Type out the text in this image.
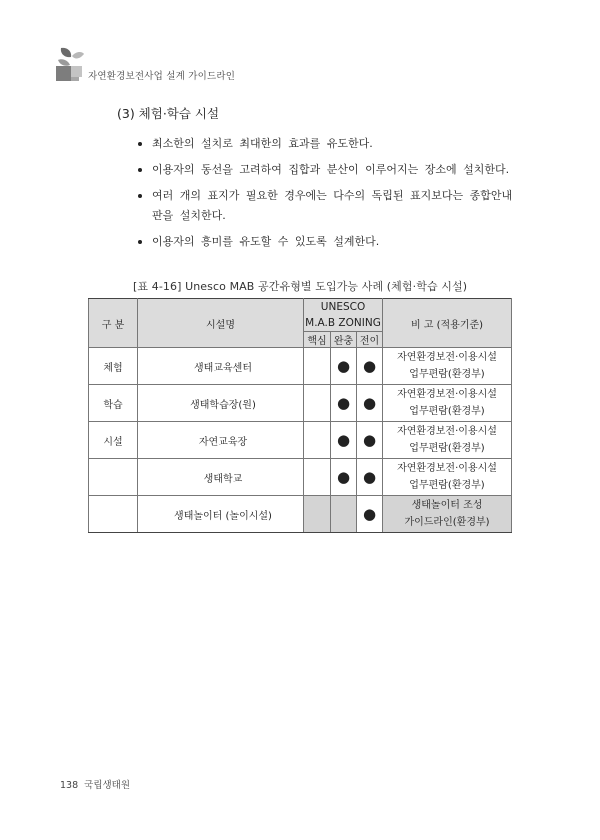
자연환경보전사업 설계 가이드라인
(3) 체험·학습 시설
최소한의 설치로 최대한의 효과를 유도한다.
이용자의 동선을 고려하여 집합과 분산이 이루어지는 장소에 설치한다.
여러 개의 표지가 필요한 경우에는 다수의 독립된 표지보다는 종합안내판을 설치한다.
이용자의 흥미를 유도할 수 있도록 설계한다.
[표 4-16] Unesco MAB 공간유형별 도입가능 사례 (체험·학습 시설)
구 분	시설명	UNESCO
M.A.B ZONING			비 고 (적용기준)
		핵심	완충	전이	
체험	생태교육센터		●	●	자연환경보전·이용시설
업무편람(환경부)

학습	생태학습장(원)		●	●	자연환경보전·이용시설
업무편람(환경부)

시설	자연교육장		●	●	자연환경보전·이용시설
업무편람(환경부)

	생태학교		●	●	자연환경보전·이용시설
업무편람(환경부)

	생태놀이터 (놀이시설)			●	생태놀이터 조성
가이드라인(환경부)
138 국립생태원
